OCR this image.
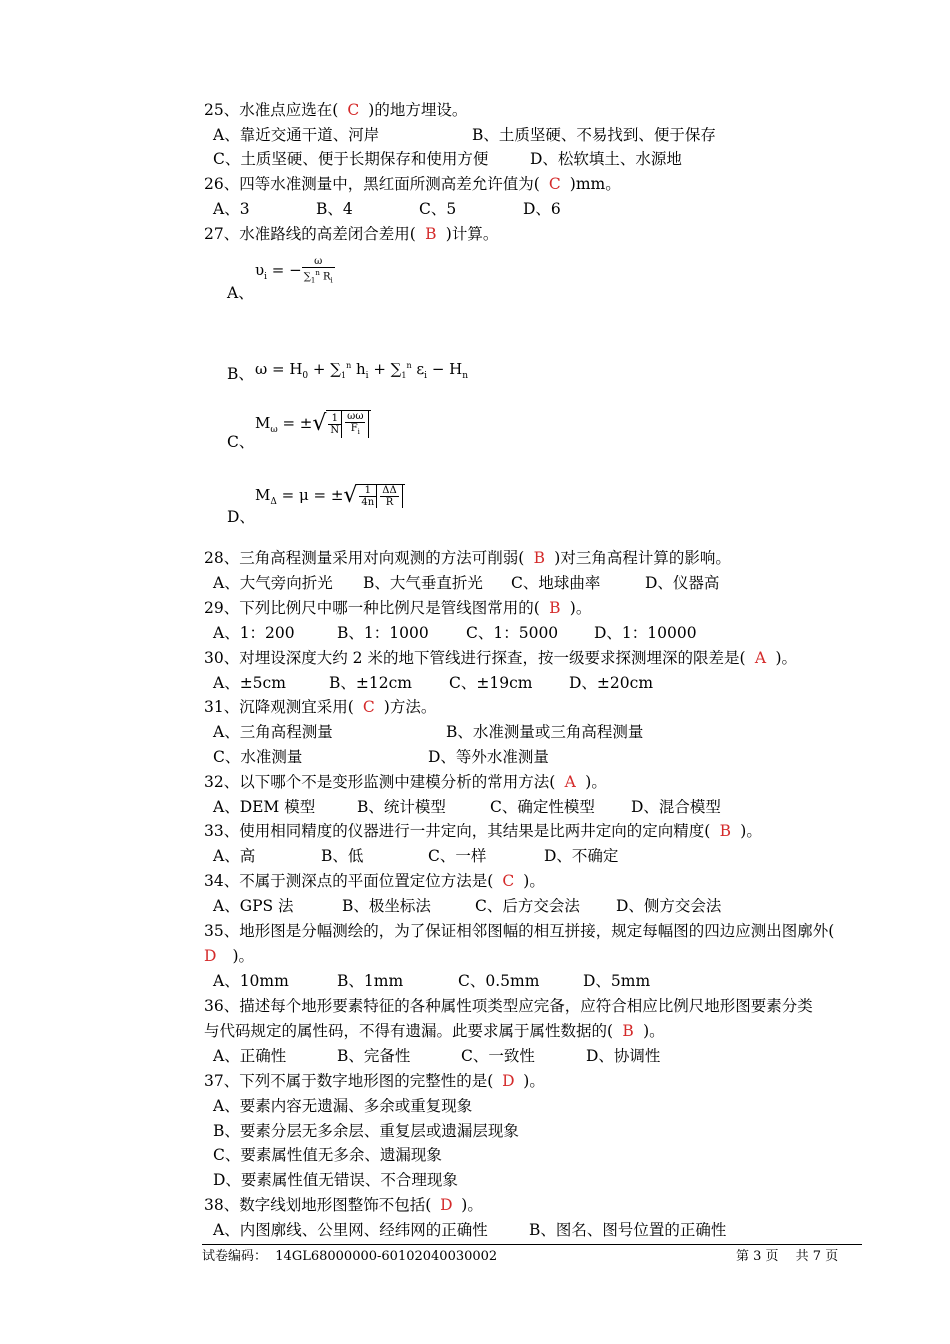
25、水准点应选在( C )的地方埋设。
A、靠近交通干道、河岸	B、土质坚硬、不易找到、便于保存
C、土质坚硬、便于长期保存和使用方便	D、松软填土、水源地
26、四等水准测量中，黑红面所测高差允许值为( C )mm。
A、3	B、4	C、5	D、6
27、水准路线的高差闭合差用( B )计算。
A、
$\upsilon_i$ = − $\frac{\omega}{\sum_1^n R_i}$
B、 $\omega = H_0 + \sum_1^n$ $h_i + \sum_1^n$ $\varepsilon_i - H_n$
C、
$M_\omega$ = ±√ $\frac{1}{N} \frac{\omega\omega}{F_i}$
D、
$M_\Delta = \mu$ = ±√ $\frac{1}{4n} \frac{\Delta\Delta}{R}$
28、三角高程测量采用对向观测的方法可削弱( B )对三角高程计算的影响。
A、大气旁向折光 B、大气垂直折光 C、地球曲率	D、仪器高
29、下列比例尺中哪一种比例尺是管线图常用的( B )。
A、1：200	B、1：1000 C、1：5000 D、1：10000
30、对埋设深度大约 2 米的地下管线进行探查，按一级要求探测埋深的限差是( A )。
A、±5cm	B、±12cm C、±19cm D、±20cm
31、沉降观测宜采用( C )方法。
A、三角高程测量	B、水准测量或三角高程测量
C、水准测量	D、等外水准测量
32、以下哪个不是变形监测中建模分析的常用方法( A )。
A、DEM 模型	B、统计模型	C、确定性模型 D、混合模型
33、使用相同精度的仪器进行一井定向，其结果是比两井定向的定向精度( B )。
A、高	B、低	C、一样	D、不确定
34、不属于测深点的平面位置定位方法是( C )。
A、GPS 法	B、极坐标法	C、后方交会法 D、侧方交会法
35、地形图是分幅测绘的，为了保证相邻图幅的相互拼接，规定每幅图的四边应测出图廓外(
D )。
A、10mm	B、1mm	C、0.5mm	D、5mm
36、描述每个地形要素特征的各种属性项类型应完备，应符合相应比例尺地形图要素分类
与代码规定的属性码，不得有遗漏。此要求属于属性数据的( B )。
A、正确性	B、完备性	C、一致性	D、协调性
37、下列不属于数字地形图的完整性的是( D )。
A、要素内容无遗漏、多余或重复现象
B、要素分层无多余层、重复层或遗漏层现象
C、要素属性值无多余、遗漏现象
D、要素属性值无错误、不合理现象
38、数字线划地形图整饰不包括( D )。
A、内图廓线、公里网、经纬网的正确性	B、图名、图号位置的正确性
试卷编码： 14GL68000000-60102040030002	第 3 页　 共 7 页
